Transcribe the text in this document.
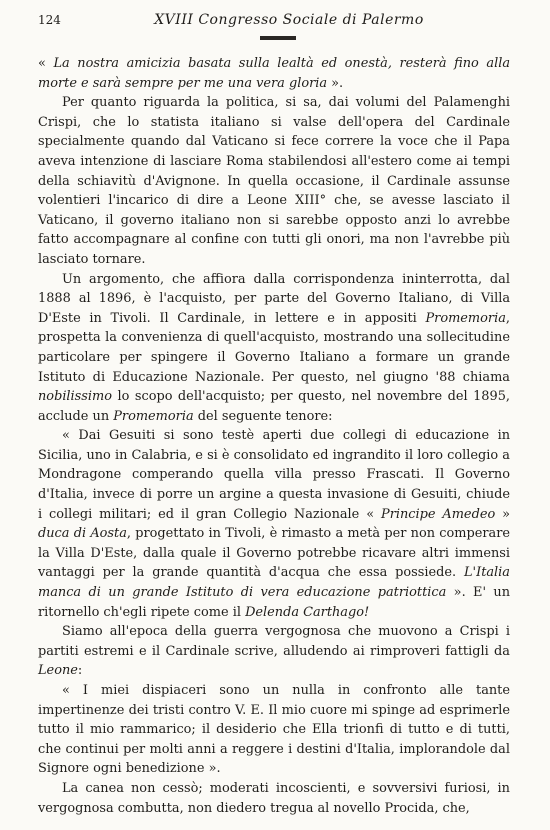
124	XVIII Congresso Sociale di Palermo

« La nostra amicizia basata sulla lealtà ed onestà, resterà fino alla morte e sarà sempre per me una vera gloria ».

Per quanto riguarda la politica, si sa, dai volumi del Palamenghi Crispi, che lo statista italiano si valse dell'opera del Cardinale specialmente quando dal Vaticano si fece correre la voce che il Papa aveva intenzione di lasciare Roma stabilendosi all'estero come ai tempi della schiavitù d'Avignone. In quella occasione, il Cardinale assunse volentieri l'incarico di dire a Leone XIII° che, se avesse lasciato il Vaticano, il governo italiano non si sarebbe opposto anzi lo avrebbe fatto accompagnare al confine con tutti gli onori, ma non l'avrebbe più lasciato tornare.

Un argomento, che affiora dalla corrispondenza ininterrotta, dal 1888 al 1896, è l'acquisto, per parte del Governo Italiano, di Villa D'Este in Tivoli. Il Cardinale, in lettere e in appositi Promemoria, prospetta la convenienza di quell'acquisto, mostrando una sollecitudine particolare per spingere il Governo Italiano a formare un grande Istituto di Educazione Nazionale. Per questo, nel giugno '88 chiama nobilissimo lo scopo dell'acquisto; per questo, nel novembre del 1895, acclude un Promemoria del seguente tenore:

« Dai Gesuiti si sono testè aperti due collegi di educazione in Sicilia, uno in Calabria, e si è consolidato ed ingrandito il loro collegio a Mondragone comperando quella villa presso Frascati. Il Governo d'Italia, invece di porre un argine a questa invasione di Gesuiti, chiude i collegi militari; ed il gran Collegio Nazionale « Principe Amedeo » duca di Aosta, progettato in Tivoli, è rimasto a metà per non comperare la Villa D'Este, dalla quale il Governo potrebbe ricavare altri immensi vantaggi per la grande quantità d'acqua che essa possiede. L'Italia manca di un grande Istituto di vera educazione patriottica ». E' un ritornello ch'egli ripete come il Delenda Carthago!

Siamo all'epoca della guerra vergognosa che muovono a Crispi i partiti estremi e il Cardinale scrive, alludendo ai rimproveri fattigli da Leone:

« I miei dispiaceri sono un nulla in confronto alle tante impertinenze dei tristi contro V. E. Il mio cuore mi spinge ad esprimerle tutto il mio rammarico; il desiderio che Ella trionfi di tutto e di tutti, che continui per molti anni a reggere i destini d'Italia, implorandole dal Signore ogni benedizione ».

La canea non cessò; moderati incoscienti, e sovversivi furiosi, in vergognosa combutta, non diedero tregua al novello Procida, che,
